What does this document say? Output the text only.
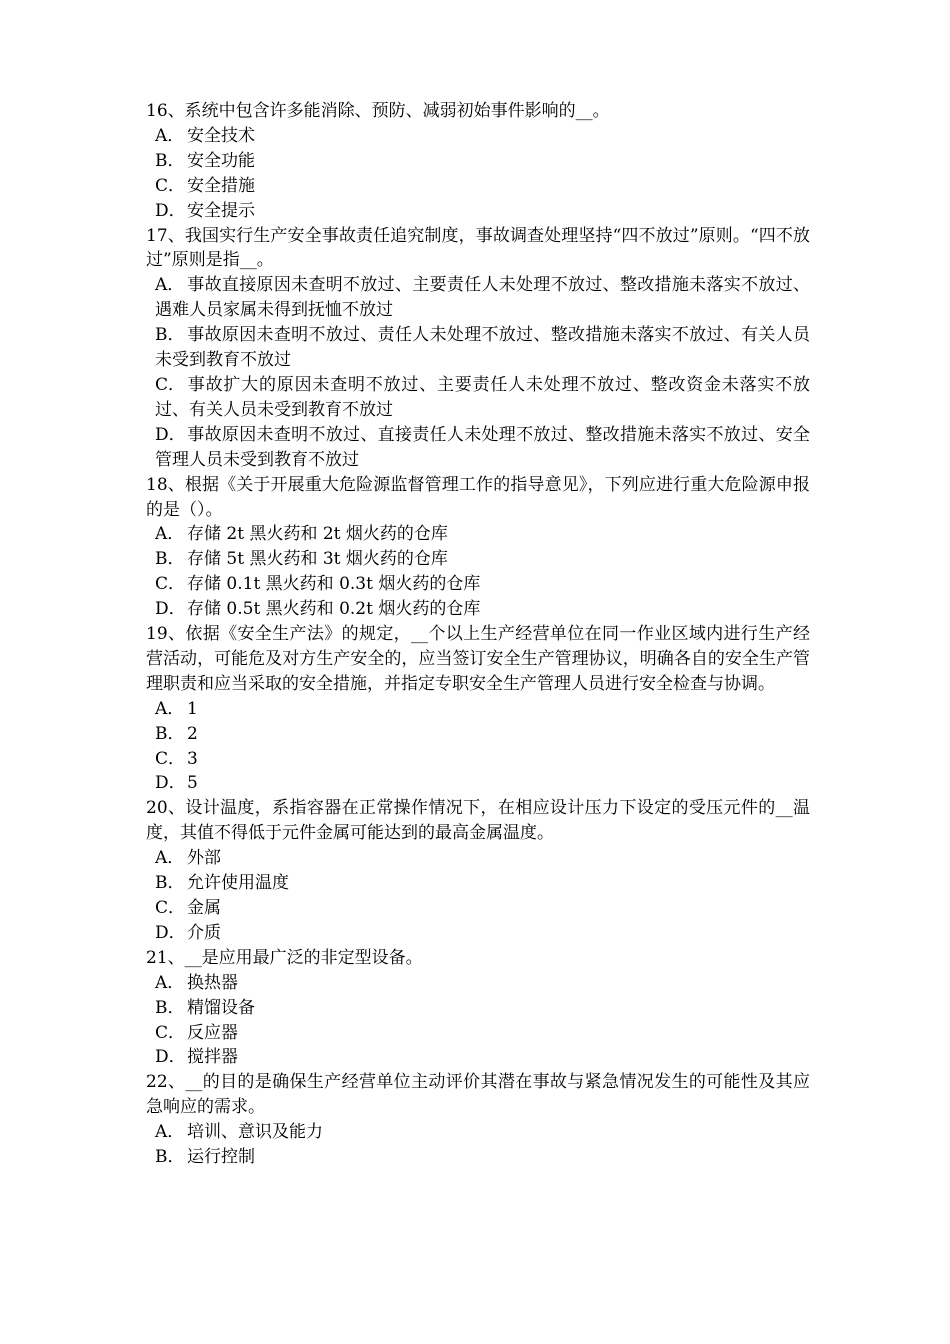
16、系统中包含许多能消除、预防、减弱初始事件影响的__。
A． 安全技术
B． 安全功能
C． 安全措施
D．安全提示
17、我国实行生产安全事故责任追究制度，事故调查处理坚持“四不放过”原则。“四不放过”原则是指__。
A． 事故直接原因未查明不放过、主要责任人未处理不放过、整改措施未落实不放过、遇难人员家属未得到抚恤不放过
B． 事故原因未查明不放过、责任人未处理不放过、整改措施未落实不放过、有关人员未受到教育不放过
C． 事故扩大的原因未查明不放过、主要责任人未处理不放过、整改资金未落实不放过、有关人员未受到教育不放过
D．事故原因未查明不放过、直接责任人未处理不放过、整改措施未落实不放过、安全管理人员未受到教育不放过
18、根据《关于开展重大危险源监督管理工作的指导意见》，下列应进行重大危险源申报的是（）。
A． 存储 2t 黑火药和 2t 烟火药的仓库
B． 存储 5t 黑火药和 3t 烟火药的仓库
C． 存储 0.1t 黑火药和 0.3t 烟火药的仓库
D．存储 0.5t 黑火药和 0.2t 烟火药的仓库
19、依据《安全生产法》的规定，__个以上生产经营单位在同一作业区域内进行生产经营活动，可能危及对方生产安全的，应当签订安全生产管理协议，明确各自的安全生产管理职责和应当采取的安全措施，并指定专职安全生产管理人员进行安全检查与协调。
A． 1
B． 2
C． 3
D．5
20、设计温度，系指容器在正常操作情况下，在相应设计压力下设定的受压元件的__温度，其值不得低于元件金属可能达到的最高金属温度。
A． 外部
B． 允许使用温度
C． 金属
D．介质
21、__是应用最广泛的非定型设备。
A． 换热器
B． 精馏设备
C． 反应器
D．搅拌器
22、__的目的是确保生产经营单位主动评价其潜在事故与紧急情况发生的可能性及其应急响应的需求。
A． 培训、意识及能力
B． 运行控制
